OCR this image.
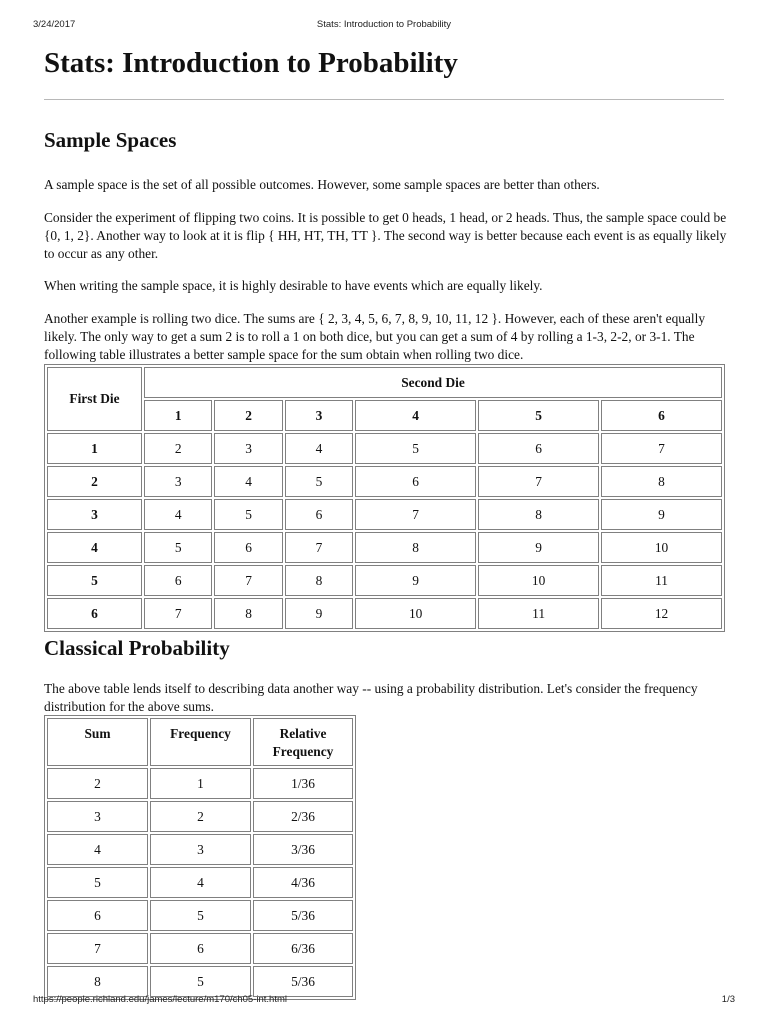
3/24/2017	Stats: Introduction to Probability
Stats: Introduction to Probability
Sample Spaces

A sample space is the set of all possible outcomes. However, some sample spaces are better than others.

Consider the experiment of flipping two coins. It is possible to get 0 heads, 1 head, or 2 heads. Thus, the sample space could be {0, 1, 2}. Another way to look at it is flip { HH, HT, TH, TT }. The second way is better because each event is as equally likely to occur as any other.

When writing the sample space, it is highly desirable to have events which are equally likely.

Another example is rolling two dice. The sums are { 2, 3, 4, 5, 6, 7, 8, 9, 10, 11, 12 }. However, each of these aren't equally likely. The only way to get a sum 2 is to roll a 1 on both dice, but you can get a sum of 4 by rolling a 1-3, 2-2, or 3-1. The following table illustrates a better sample space for the sum obtain when rolling two dice.

First Die	Second Die					
	1	2	3	4	5	6
1	2	3	4	5	6	7
2	3	4	5	6	7	8
3	4	5	6	7	8	9
4	5	6	7	8	9	10
5	6	7	8	9	10	11
6	7	8	9	10	11	12
Classical Probability

The above table lends itself to describing data another way -- using a probability distribution. Let's consider the frequency distribution for the above sums.

Sum	Frequency	Relative Frequency
2	1	1/36
3	2	2/36
4	3	3/36
5	4	4/36
6	5	5/36
7	6	6/36
8	5	5/36
https://people.richland.edu/james/lecture/m170/ch05-int.html	1/3
